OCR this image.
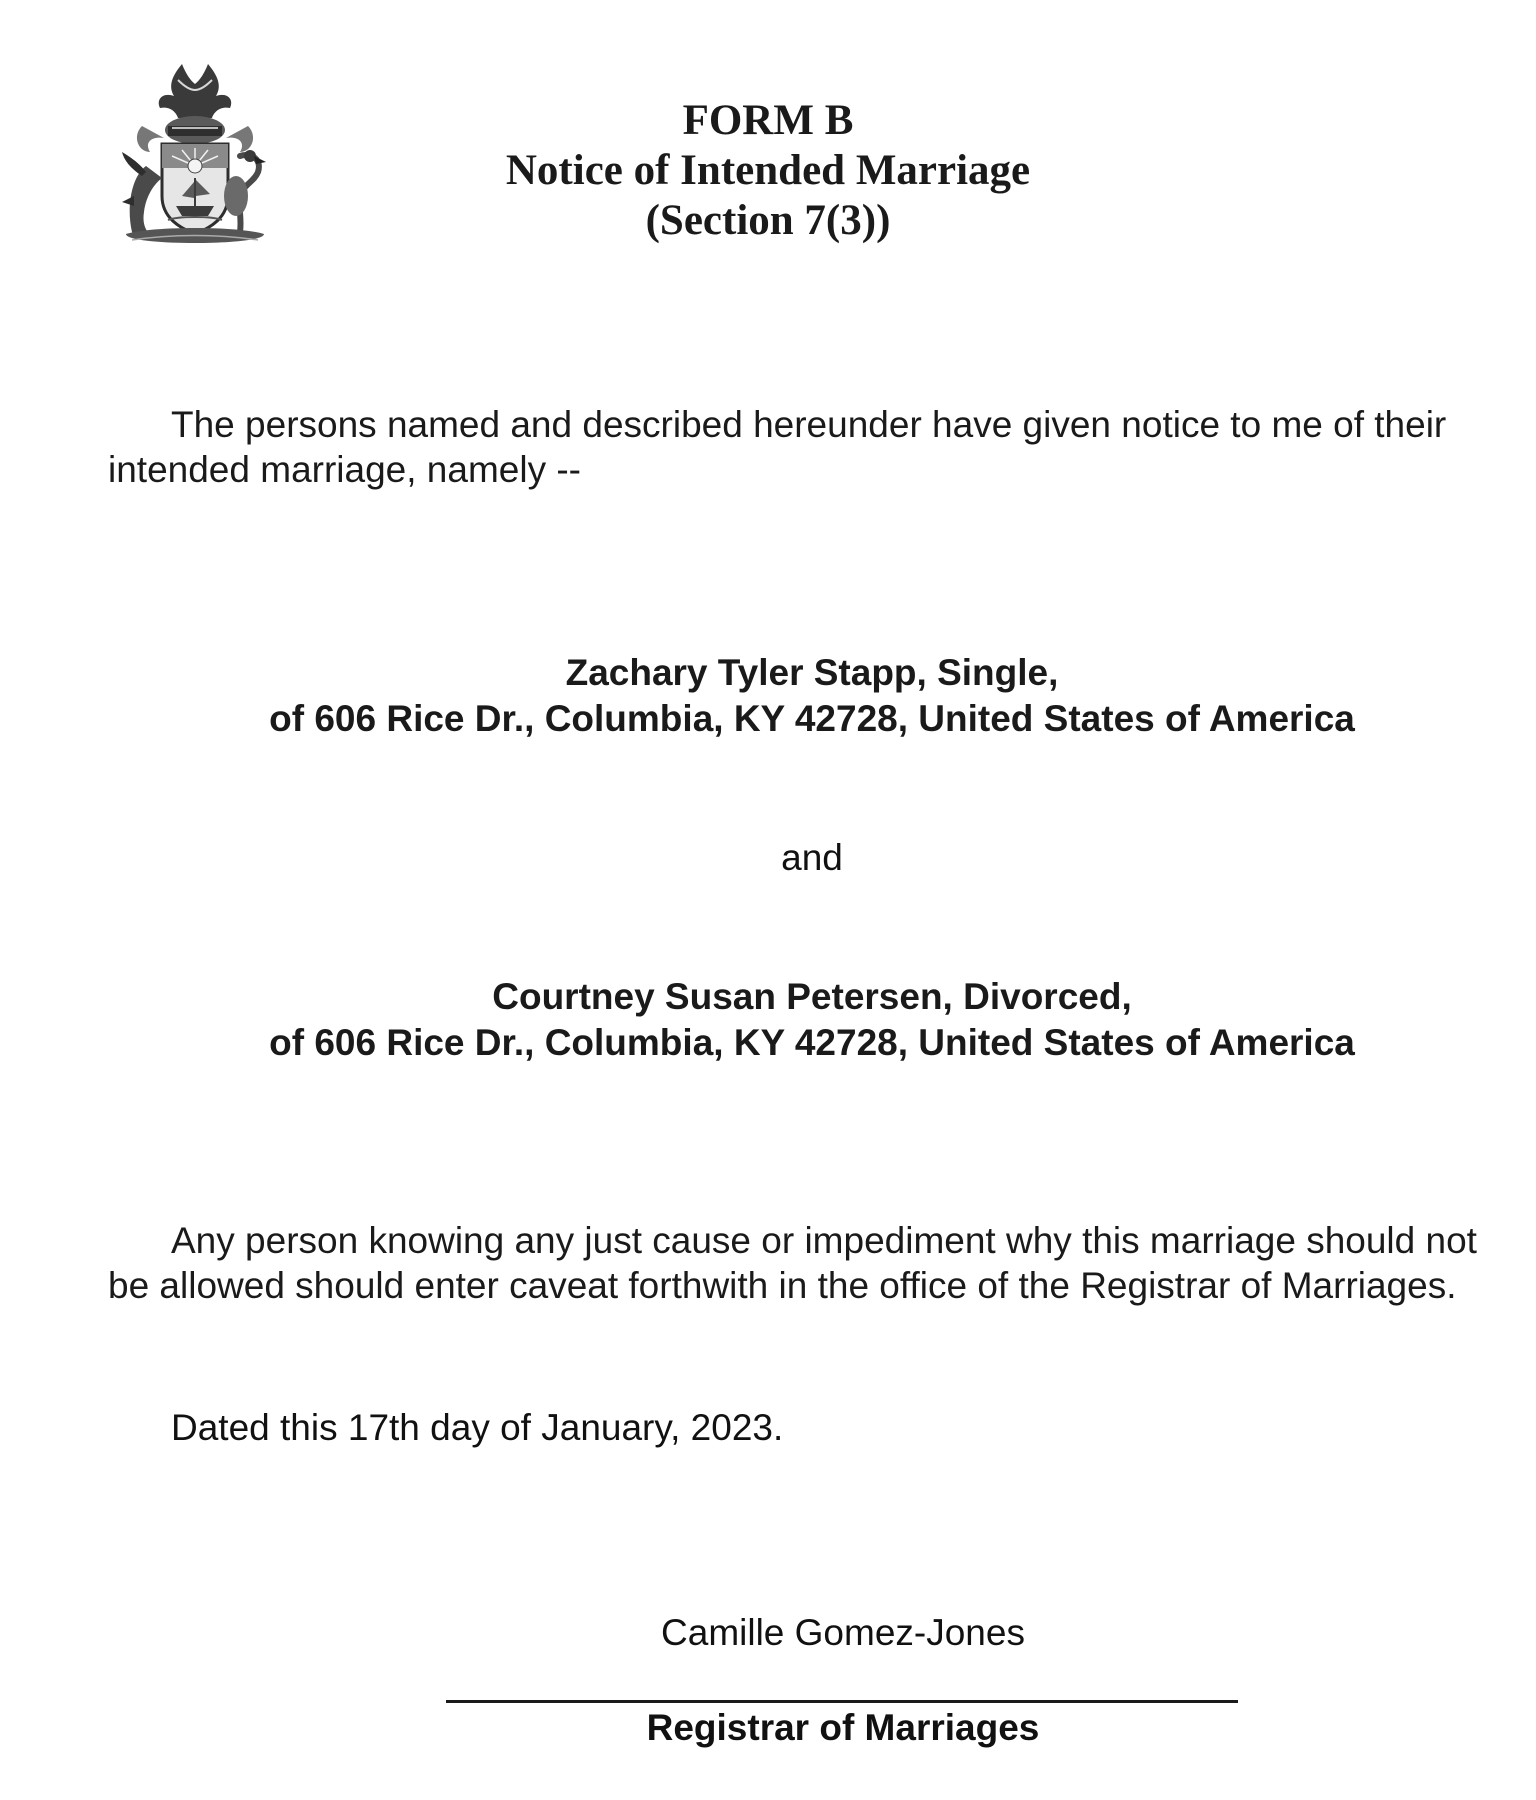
FORM B
Notice of Intended Marriage
(Section 7(3))
The persons named and described hereunder have given notice to me of their
intended marriage, namely --
Zachary Tyler Stapp, Single,
of 606 Rice Dr., Columbia, KY 42728, United States of America
and
Courtney Susan Petersen, Divorced,
of 606 Rice Dr., Columbia, KY 42728, United States of America
Any person knowing any just cause or impediment why this marriage should not
be allowed should enter caveat forthwith in the office of the Registrar of Marriages.
Dated this 17th day of January, 2023.
Camille Gomez-Jones
Registrar of Marriages
